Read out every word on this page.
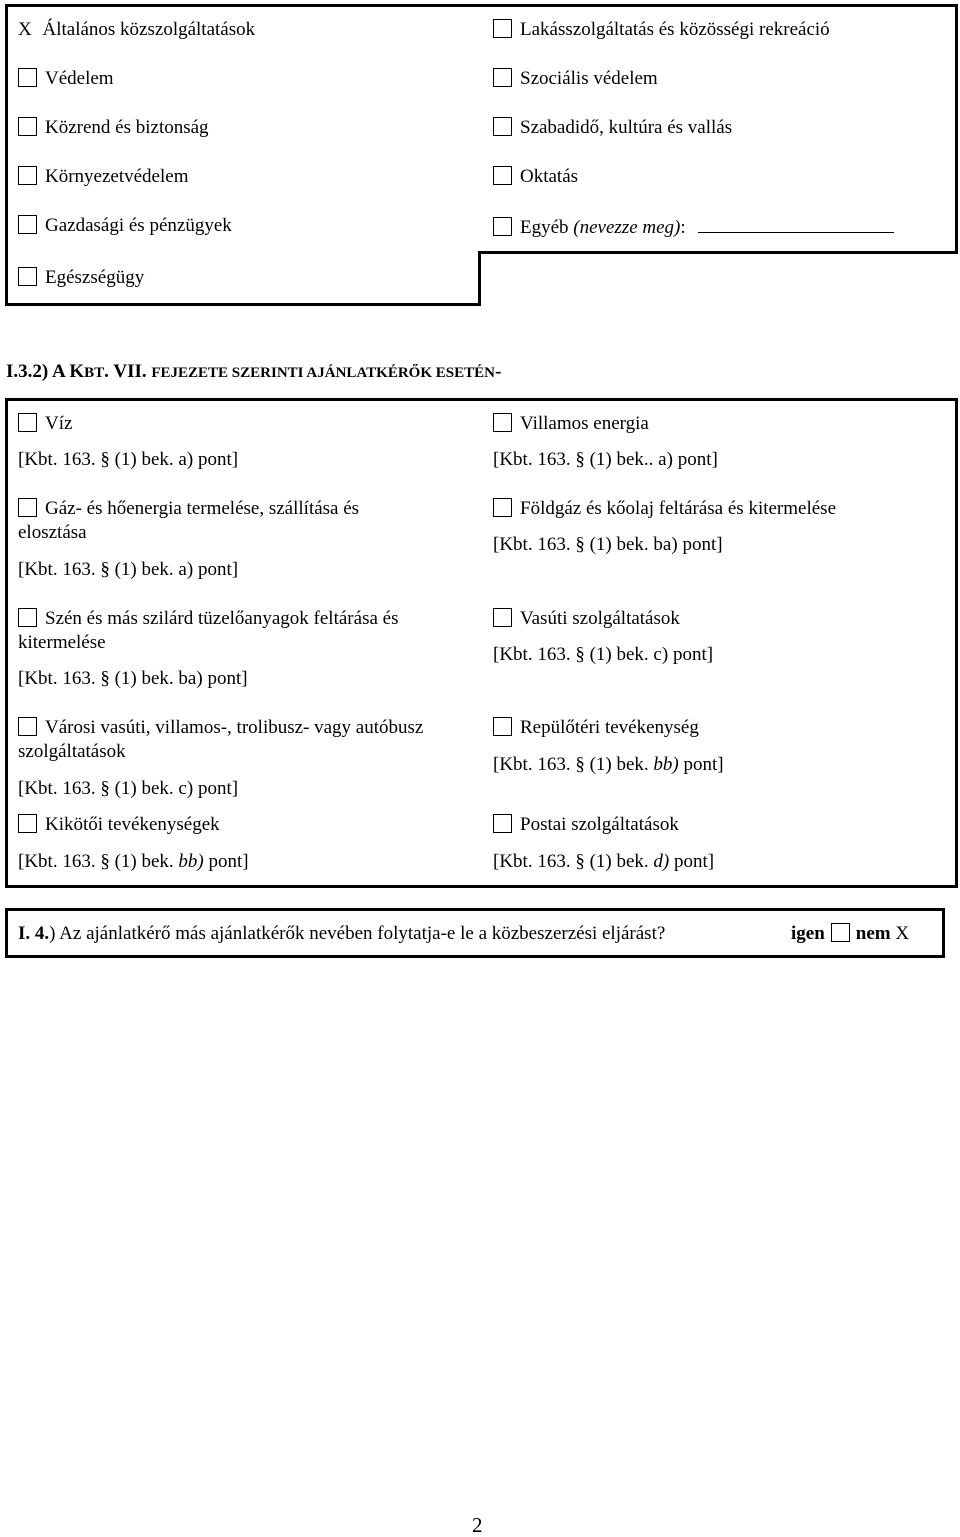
X Általános közszolgáltatások
Védelem
Közrend és biztonság
Környezetvédelem
Gazdasági és pénzügyek
Egészségügy
Lakásszolgáltatás és közösségi rekreáció
Szociális védelem
Szabadidő, kultúra és vallás
Oktatás
Egyéb (nevezze meg):
I.3.2) A KBT. VII. FEJEZETE SZERINTI AJÁNLATKÉRŐK ESETÉN-
Víz
[Kbt. 163. § (1) bek. a) pont]
Gáz- és hőenergia termelése, szállítása és
elosztása
[Kbt. 163. § (1) bek. a) pont]
Szén és más szilárd tüzelőanyagok feltárása és
kitermelése
[Kbt. 163. § (1) bek. ba) pont]
Városi vasúti, villamos-, trolibusz- vagy autóbusz
szolgáltatások
[Kbt. 163. § (1) bek. c) pont]
Kikötői tevékenységek
[Kbt. 163. § (1) bek. bb) pont]
Villamos energia
[Kbt. 163. § (1) bek.. a) pont]
Földgáz és kőolaj feltárása és kitermelése
[Kbt. 163. § (1) bek. ba) pont]
Vasúti szolgáltatások
[Kbt. 163. § (1) bek. c) pont]
Repülőtéri tevékenység
[Kbt. 163. § (1) bek. bb) pont]
Postai szolgáltatások
[Kbt. 163. § (1) bek. d) pont]
I. 4.) Az ajánlatkérő más ajánlatkérők nevében folytatja-e le a közbeszerzési eljárást?	igen nem X
2
